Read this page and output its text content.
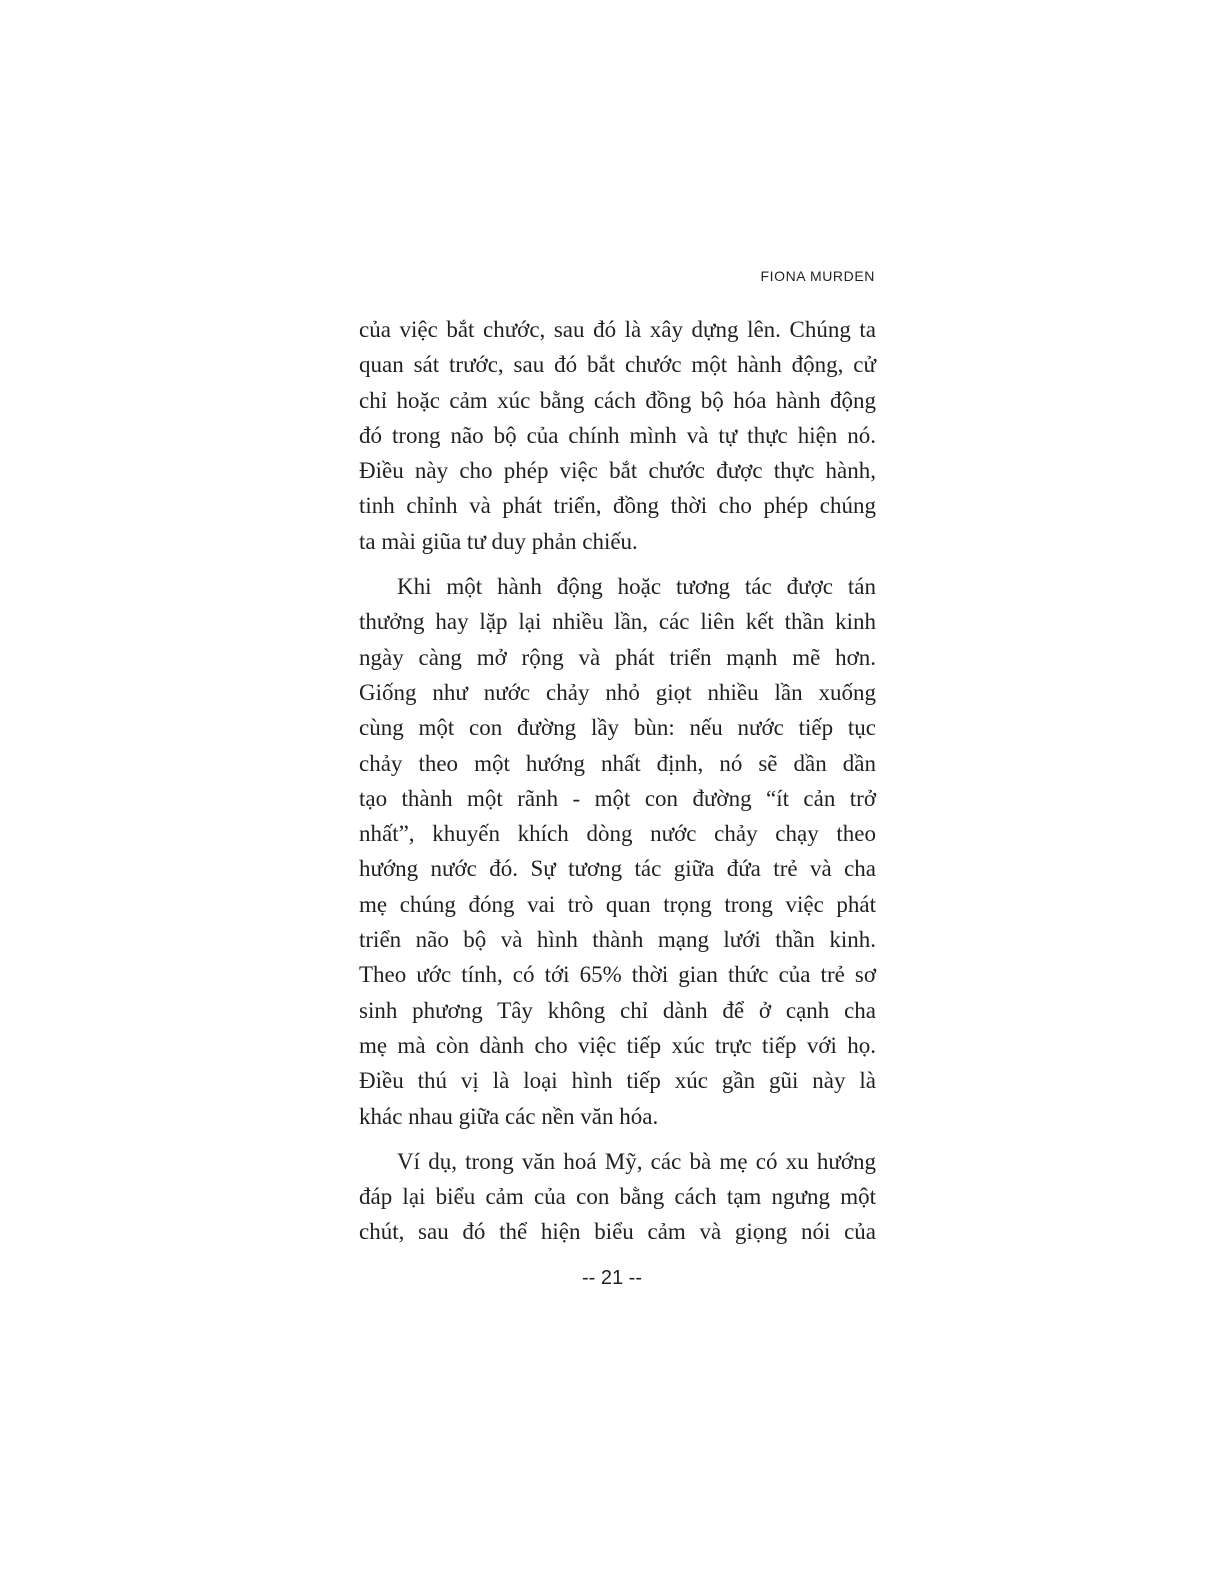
FIONA MURDEN
của việc bắt chước, sau đó là xây dựng lên. Chúng ta
quan sát trước, sau đó bắt chước một hành động, cử
chỉ hoặc cảm xúc bằng cách đồng bộ hóa hành động
đó trong não bộ của chính mình và tự thực hiện nó.
Điều này cho phép việc bắt chước được thực hành,
tinh chỉnh và phát triển, đồng thời cho phép chúng
ta mài giũa tư duy phản chiếu.
Khi một hành động hoặc tương tác được tán
thưởng hay lặp lại nhiều lần, các liên kết thần kinh
ngày càng mở rộng và phát triển mạnh mẽ hơn.
Giống như nước chảy nhỏ giọt nhiều lần xuống
cùng một con đường lầy bùn: nếu nước tiếp tục
chảy theo một hướng nhất định, nó sẽ dần dần
tạo thành một rãnh - một con đường “ít cản trở
nhất”, khuyến khích dòng nước chảy chạy theo
hướng nước đó. Sự tương tác giữa đứa trẻ và cha
mẹ chúng đóng vai trò quan trọng trong việc phát
triển não bộ và hình thành mạng lưới thần kinh.
Theo ước tính, có tới 65% thời gian thức của trẻ sơ
sinh phương Tây không chỉ dành để ở cạnh cha
mẹ mà còn dành cho việc tiếp xúc trực tiếp với họ.
Điều thú vị là loại hình tiếp xúc gần gũi này là
khác nhau giữa các nền văn hóa.
Ví dụ, trong văn hoá Mỹ, các bà mẹ có xu hướng
đáp lại biểu cảm của con bằng cách tạm ngưng một
chút, sau đó thể hiện biểu cảm và giọng nói của
-- 21 --
